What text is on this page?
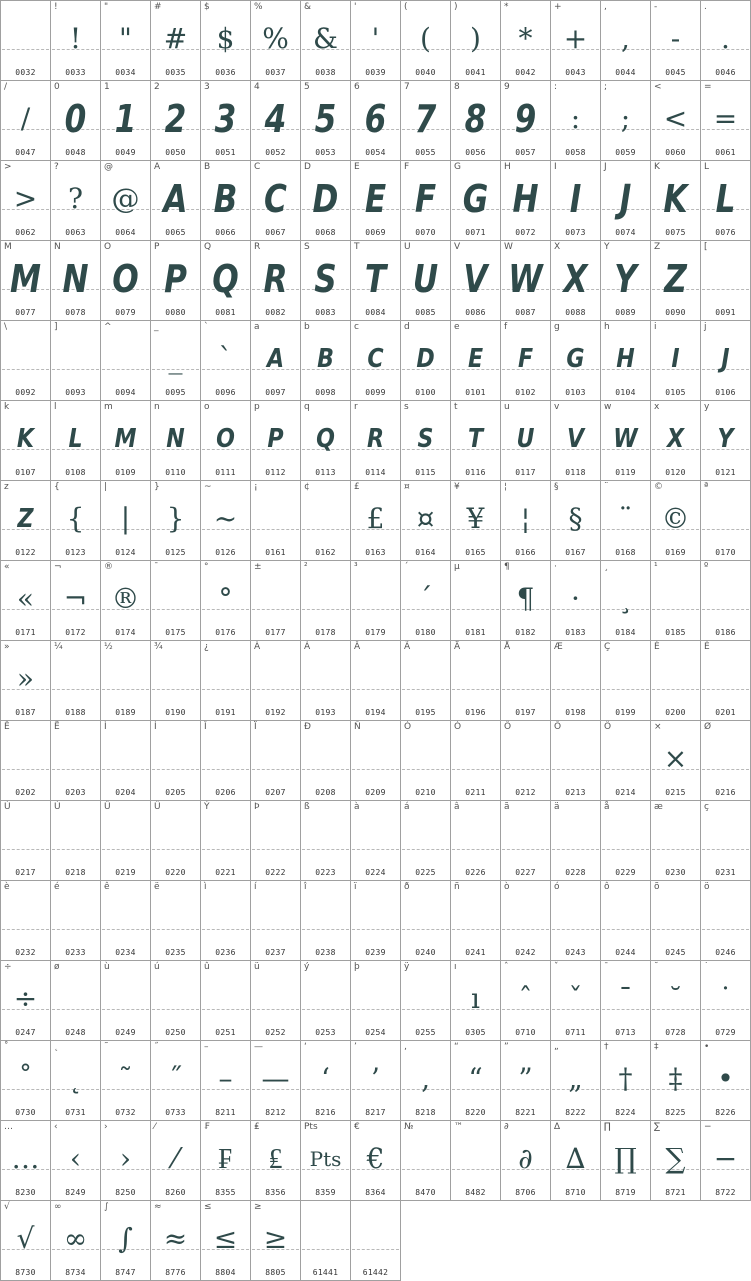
0032
!
!
0033
"
"
0034
#
#
0035
$
$
0036
%
%
0037
&
&
0038
'
'
0039
(
(
0040
)
)
0041
*
*
0042
+
+
0043
,
,
0044
-
-
0045
.
.
0046
/
/
0047
0
0
0048
1
1
0049
2
2
0050
3
3
0051
4
4
0052
5
5
0053
6
6
0054
7
7
0055
8
8
0056
9
9
0057
:
:
0058
;
;
0059
<
<
0060
=
=
0061
>
>
0062
?
?
0063
@
@
0064
A
A
0065
B
B
0066
C
C
0067
D
D
0068
E
E
0069
F
F
0070
G
G
0071
H
H
0072
I
I
0073
J
J
0074
K
K
0075
L
L
0076
M
M
0077
N
N
0078
O
O
0079
P
P
0080
Q
Q
0081
R
R
0082
S
S
0083
T
T
0084
U
U
0085
V
V
0086
W
W
0087
X
X
0088
Y
Y
0089
Z
Z
0090
[
0091
\
0092
]
0093
^
0094
_
_
0095
`
`
0096
a
A
0097
b
B
0098
c
C
0099
d
D
0100
e
E
0101
f
F
0102
g
G
0103
h
H
0104
i
I
0105
j
J
0106
k
K
0107
l
L
0108
m
M
0109
n
N
0110
o
O
0111
p
P
0112
q
Q
0113
r
R
0114
s
S
0115
t
T
0116
u
U
0117
v
V
0118
w
W
0119
x
X
0120
y
Y
0121
z
Z
0122
{
{
0123
|
|
0124
}
}
0125
~
~
0126
¡
0161
¢
0162
£
£
0163
¤
¤
0164
¥
¥
0165
¦
¦
0166
§
§
0167
¨
¨
0168
©
©
0169
ª
0170
«
«
0171
¬
¬
0172
®
®
0174
¯
0175
°
°
0176
±
0177
²
0178
³
0179
´
´
0180
µ
0181
¶
¶
0182
·
·
0183
¸
¸
0184
¹
0185
º
0186
»
»
0187
¼
0188
½
0189
¾
0190
¿
0191
À
0192
Á
0193
Â
0194
Ã
0195
Ä
0196
Å
0197
Æ
0198
Ç
0199
È
0200
É
0201
Ê
0202
Ë
0203
Ì
0204
Í
0205
Î
0206
Ï
0207
Ð
0208
Ñ
0209
Ò
0210
Ó
0211
Ô
0212
Õ
0213
Ö
0214
×
×
0215
Ø
0216
Ù
0217
Ú
0218
Û
0219
Ü
0220
Ý
0221
Þ
0222
ß
0223
à
0224
á
0225
â
0226
ã
0227
ä
0228
å
0229
æ
0230
ç
0231
è
0232
é
0233
ê
0234
ë
0235
ì
0236
í
0237
î
0238
ï
0239
ð
0240
ñ
0241
ò
0242
ó
0243
ô
0244
õ
0245
ö
0246
÷
÷
0247
ø
0248
ù
0249
ú
0250
û
0251
ü
0252
ý
0253
þ
0254
ÿ
0255
ı
ı
0305
ˆ
ˆ
0710
ˇ
ˇ
0711
ˉ
ˉ
0713
˘
˘
0728
˙
˙
0729
˚
˚
0730
˛
˛
0731
˜
˜
0732
˝
˝
0733
–
–
8211
—
—
8212
‘
‘
8216
’
’
8217
‚
‚
8218
“
“
8220
”
”
8221
„
„
8222
†
†
8224
‡
‡
8225
•
•
8226
…
…
8230
‹
‹
8249
›
›
8250
⁄
⁄
8260
₣
₣
8355
₤
₤
8356
Pts
Pts
8359
€
€
8364
№
8470
™
8482
∂
∂
8706
∆
∆
8710
∏
∏
8719
∑
∑
8721
−
−
8722
√
√
8730
∞
∞
8734
∫
∫
8747
≈
≈
8776
≤
≤
8804
≥
≥
8805	61441	61442
